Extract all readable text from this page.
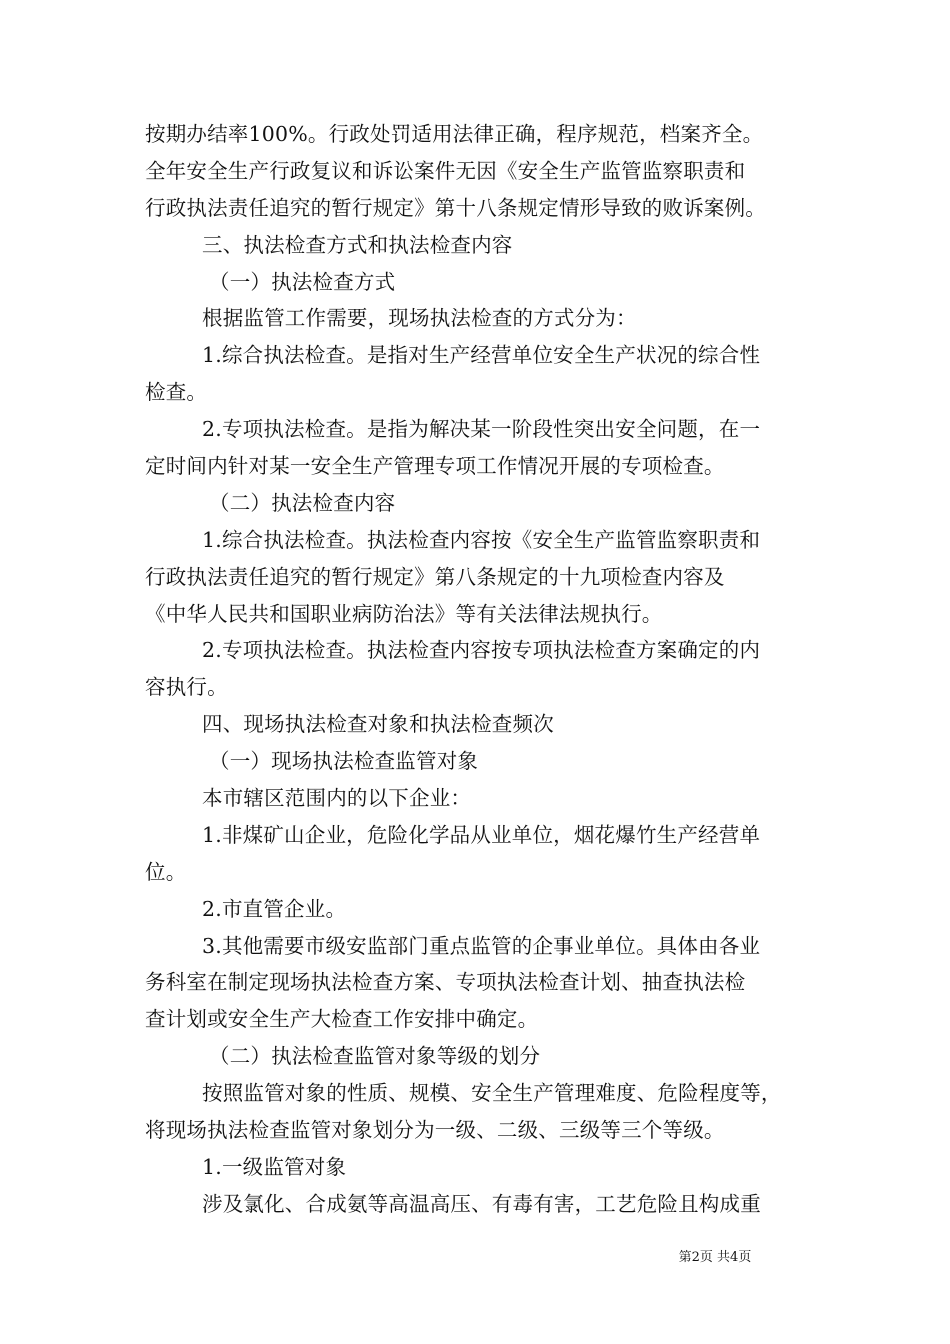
按期办结率100%。行政处罚适用法律正确，程序规范，档案齐全。
全年安全生产行政复议和诉讼案件无因《安全生产监管监察职责和
行政执法责任追究的暂行规定》第十八条规定情形导致的败诉案例。
三、执法检查方式和执法检查内容
（一）执法检查方式
根据监管工作需要，现场执法检查的方式分为：
1.综合执法检查。是指对生产经营单位安全生产状况的综合性
检查。
2.专项执法检查。是指为解决某一阶段性突出安全问题，在一
定时间内针对某一安全生产管理专项工作情况开展的专项检查。
（二）执法检查内容
1.综合执法检查。执法检查内容按《安全生产监管监察职责和
行政执法责任追究的暂行规定》第八条规定的十九项检查内容及
《中华人民共和国职业病防治法》等有关法律法规执行。
2.专项执法检查。执法检查内容按专项执法检查方案确定的内
容执行。
四、现场执法检查对象和执法检查频次
（一）现场执法检查监管对象
本市辖区范围内的以下企业：
1.非煤矿山企业，危险化学品从业单位，烟花爆竹生产经营单
位。
2.市直管企业。
3.其他需要市级安监部门重点监管的企事业单位。具体由各业
务科室在制定现场执法检查方案、专项执法检查计划、抽查执法检
查计划或安全生产大检查工作安排中确定。
（二）执法检查监管对象等级的划分
按照监管对象的性质、规模、安全生产管理难度、危险程度等，
将现场执法检查监管对象划分为一级、二级、三级等三个等级。
1.一级监管对象
涉及氯化、合成氨等高温高压、有毒有害，工艺危险且构成重
第2页 共4页
